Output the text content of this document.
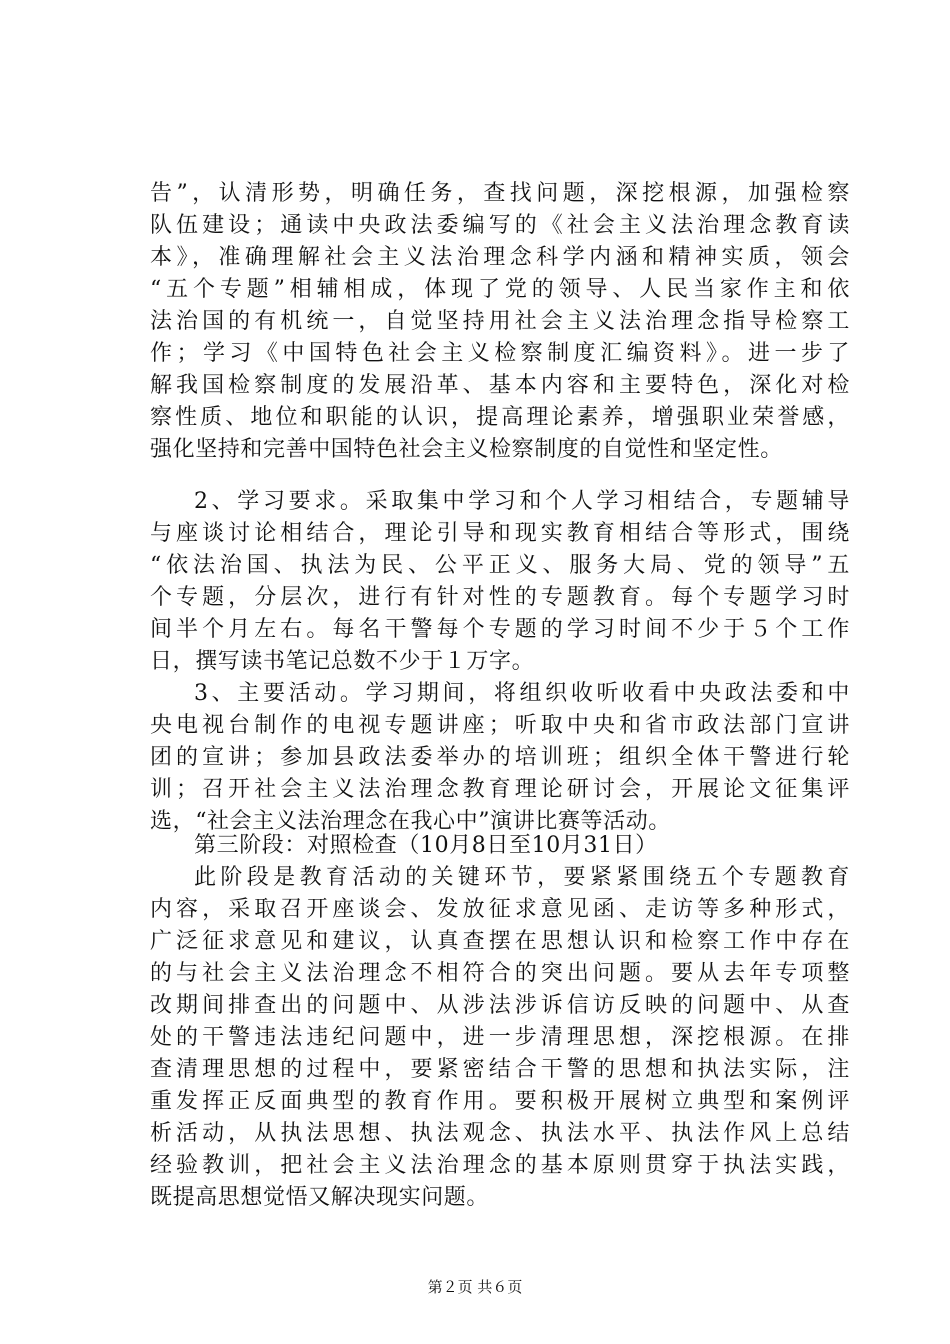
告”，认清形势，明确任务，查找问题，深挖根源，加强检察
队伍建设；通读中央政法委编写的《社会主义法治理念教育读
本》，准确理解社会主义法治理念科学内涵和精神实质，领会
“五个专题”相辅相成，体现了党的领导、人民当家作主和依
法治国的有机统一，自觉坚持用社会主义法治理念指导检察工
作；学习《中国特色社会主义检察制度汇编资料》。进一步了
解我国检察制度的发展沿革、基本内容和主要特色，深化对检
察性质、地位和职能的认识，提高理论素养，增强职业荣誉感，
强化坚持和完善中国特色社会主义检察制度的自觉性和坚定性。
2、学习要求。采取集中学习和个人学习相结合，专题辅导
与座谈讨论相结合，理论引导和现实教育相结合等形式，围绕
“依法治国、执法为民、公平正义、服务大局、党的领导”五
个专题，分层次，进行有针对性的专题教育。每个专题学习时
间半个月左右。每名干警每个专题的学习时间不少于５个工作
日，撰写读书笔记总数不少于１万字。
3、主要活动。学习期间，将组织收听收看中央政法委和中
央电视台制作的电视专题讲座；听取中央和省市政法部门宣讲
团的宣讲；参加县政法委举办的培训班；组织全体干警进行轮
训；召开社会主义法治理念教育理论研讨会，开展论文征集评
选，“社会主义法治理念在我心中”演讲比赛等活动。
第三阶段：对照检查（10月8日至10月31日）
此阶段是教育活动的关键环节，要紧紧围绕五个专题教育
内容，采取召开座谈会、发放征求意见函、走访等多种形式，
广泛征求意见和建议，认真查摆在思想认识和检察工作中存在
的与社会主义法治理念不相符合的突出问题。要从去年专项整
改期间排查出的问题中、从涉法涉诉信访反映的问题中、从查
处的干警违法违纪问题中，进一步清理思想，深挖根源。在排
查清理思想的过程中，要紧密结合干警的思想和执法实际，注
重发挥正反面典型的教育作用。要积极开展树立典型和案例评
析活动，从执法思想、执法观念、执法水平、执法作风上总结
经验教训，把社会主义法治理念的基本原则贯穿于执法实践，
既提高思想觉悟又解决现实问题。
第２页 共６页
